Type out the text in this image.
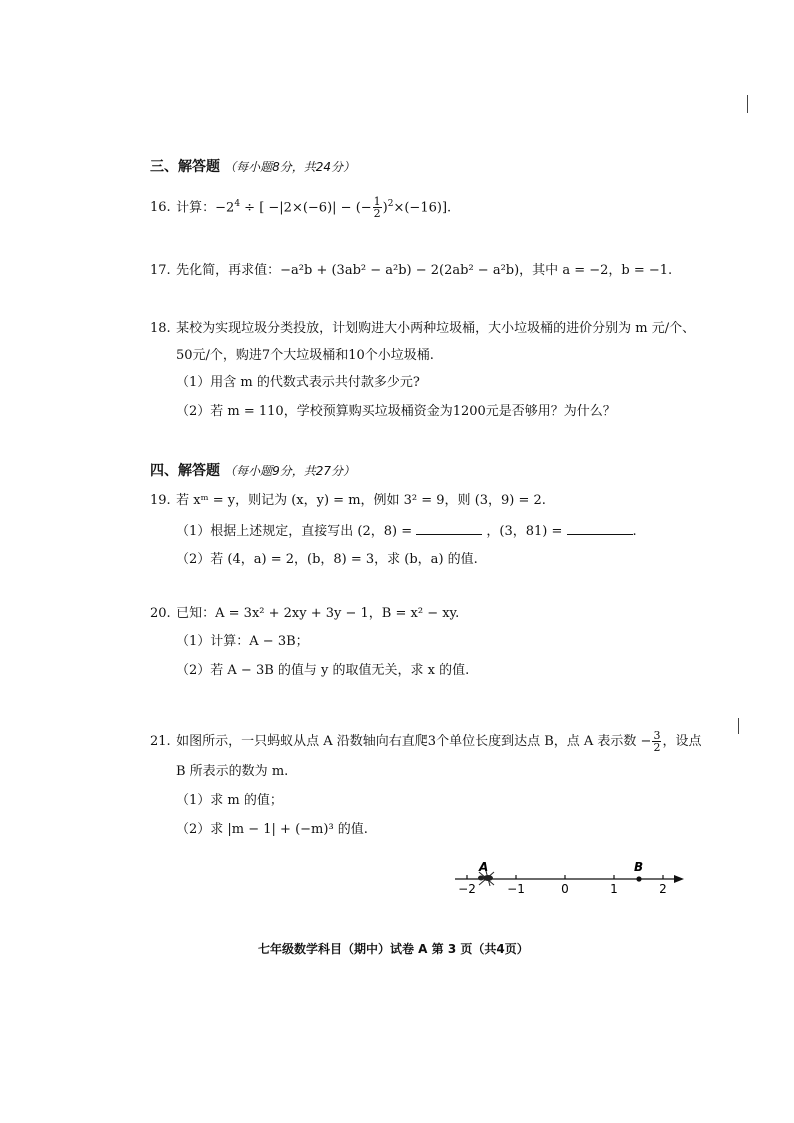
三、解答题 （每小题8分，共24分）
16. 计算：$-2^4$ ÷ [ −|2×(−6)| − (− $\frac{1}{2} )^2\times(-16)$].
17. 先化简，再求值：−a²b + (3ab² − a²b) − 2(2ab² − a²b)，其中 a = −2，b = −1.
18. 某校为实现垃圾分类投放，计划购进大小两种垃圾桶，大小垃圾桶的进价分别为 m 元/个、
50元/个，购进7个大垃圾桶和10个小垃圾桶.
（1）用含 m 的代数式表示共付款多少元?
（2）若 m = 110，学校预算购买垃圾桶资金为1200元是否够用？为什么？
四、解答题 （每小题9分，共27分）
19. 若 xᵐ = y，则记为 (x，y) = m，例如 3² = 9，则 (3，9) = 2.
（1）根据上述规定，直接写出 (2，8) =	，(3，81) =	.
（2）若 (4，a) = 2，(b，8) = 3，求 (b，a) 的值.
20. 已知：A = 3x² + 2xy + 3y − 1，B = x² − xy.
（1）计算：A − 3B；
（2）若 A − 3B 的值与 y 的取值无关，求 x 的值.
21. 如图所示，一只蚂蚁从点 A 沿数轴向右直爬3个单位长度到达点 B，点 A 表示数 − $\frac{3}{2}$ ，设点
B 所表示的数为 m.
（1）求 m 的值；
（2）求 |m − 1| + (−m)³ 的值.
−2	−1	0	1	2
A	B
七年级数学科目（期中）试卷 A 第 3 页（共4页）
